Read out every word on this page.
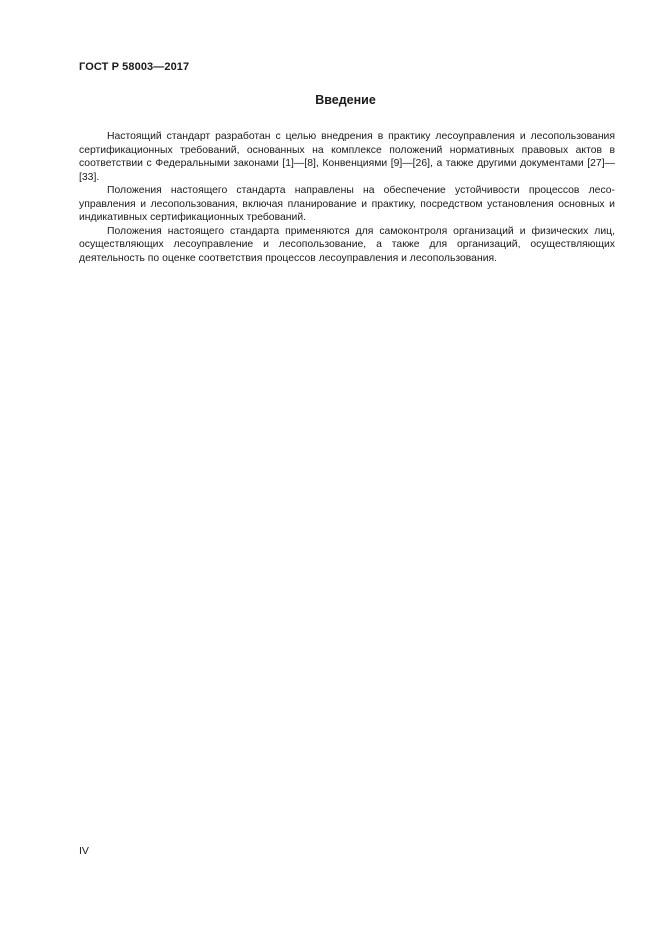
ГОСТ Р 58003—2017
Введение

Настоящий стандарт разработан с целью внедрения в практику лесоуправления и лесопользования сертификационных требований, основанных на комплексе положений нормативных правовых актов в соответствии с Федеральными законами [1]—[8], Конвенциями [9]—[26], а также другими документами [27]—[33].

Положения настоящего стандарта направлены на обеспечение устойчивости процессов лесоуправления и лесопользования, включая планирование и практику, посредством установления основных и индикативных сертификационных требований.

Положения настоящего стандарта применяются для самоконтроля организаций и физических лиц, осуществляющих лесоуправление и лесопользование, а также для организаций, осуществляющих деятельность по оценке соответствия процессов лесоуправления и лесопользования.

IV
